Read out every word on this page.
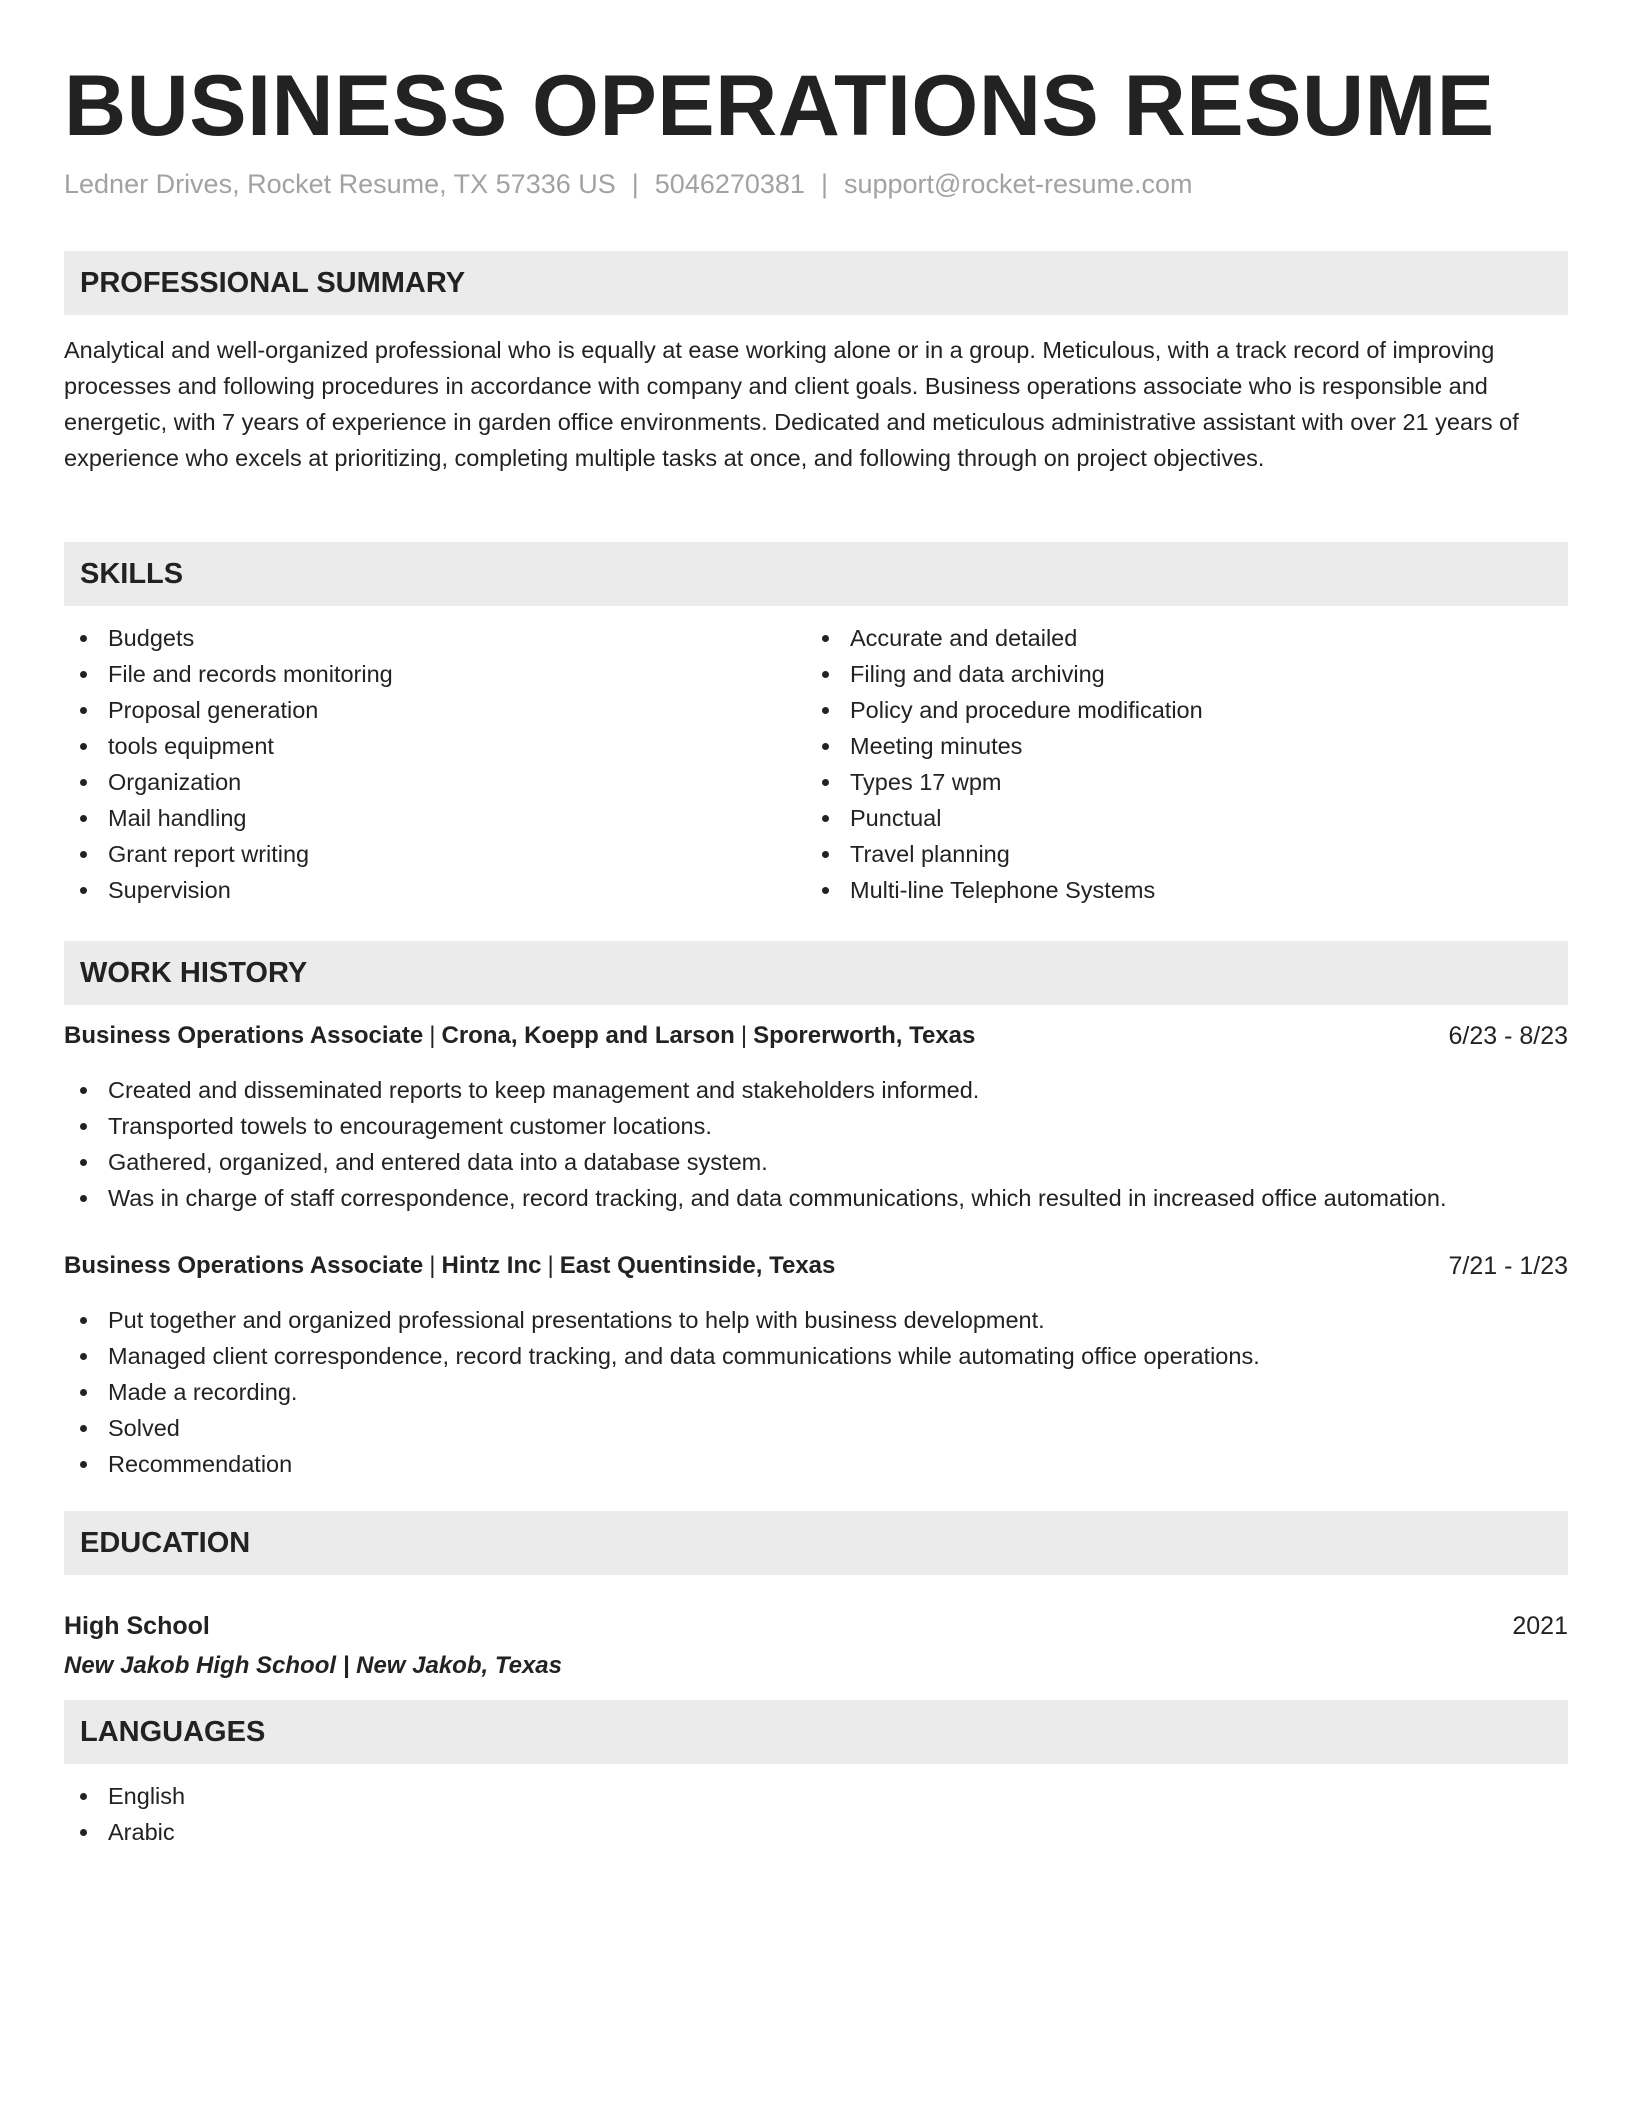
BUSINESS OPERATIONS RESUME
Ledner Drives, Rocket Resume, TX 57336 US | 5046270381 | support@rocket-resume.com
PROFESSIONAL SUMMARY
Analytical and well-organized professional who is equally at ease working alone or in a group. Meticulous, with a track record of improving processes and following procedures in accordance with company and client goals. Business operations associate who is responsible and energetic, with 7 years of experience in garden office environments. Dedicated and meticulous administrative assistant with over 21 years of experience who excels at prioritizing, completing multiple tasks at once, and following through on project objectives.
SKILLS
Budgets
File and records monitoring
Proposal generation
tools equipment
Organization
Mail handling
Grant report writing
Supervision
Accurate and detailed
Filing and data archiving
Policy and procedure modification
Meeting minutes
Types 17 wpm
Punctual
Travel planning
Multi-line Telephone Systems
WORK HISTORY
Business Operations Associate | Crona, Koepp and Larson | Sporerworth, Texas	6/23 - 8/23
Created and disseminated reports to keep management and stakeholders informed.
Transported towels to encouragement customer locations.
Gathered, organized, and entered data into a database system.
Was in charge of staff correspondence, record tracking, and data communications, which resulted in increased office automation.
Business Operations Associate | Hintz Inc | East Quentinside, Texas	7/21 - 1/23
Put together and organized professional presentations to help with business development.
Managed client correspondence, record tracking, and data communications while automating office operations.
Made a recording.
Solved
Recommendation
EDUCATION
High School	2021
New Jakob High School | New Jakob, Texas
LANGUAGES
English
Arabic
